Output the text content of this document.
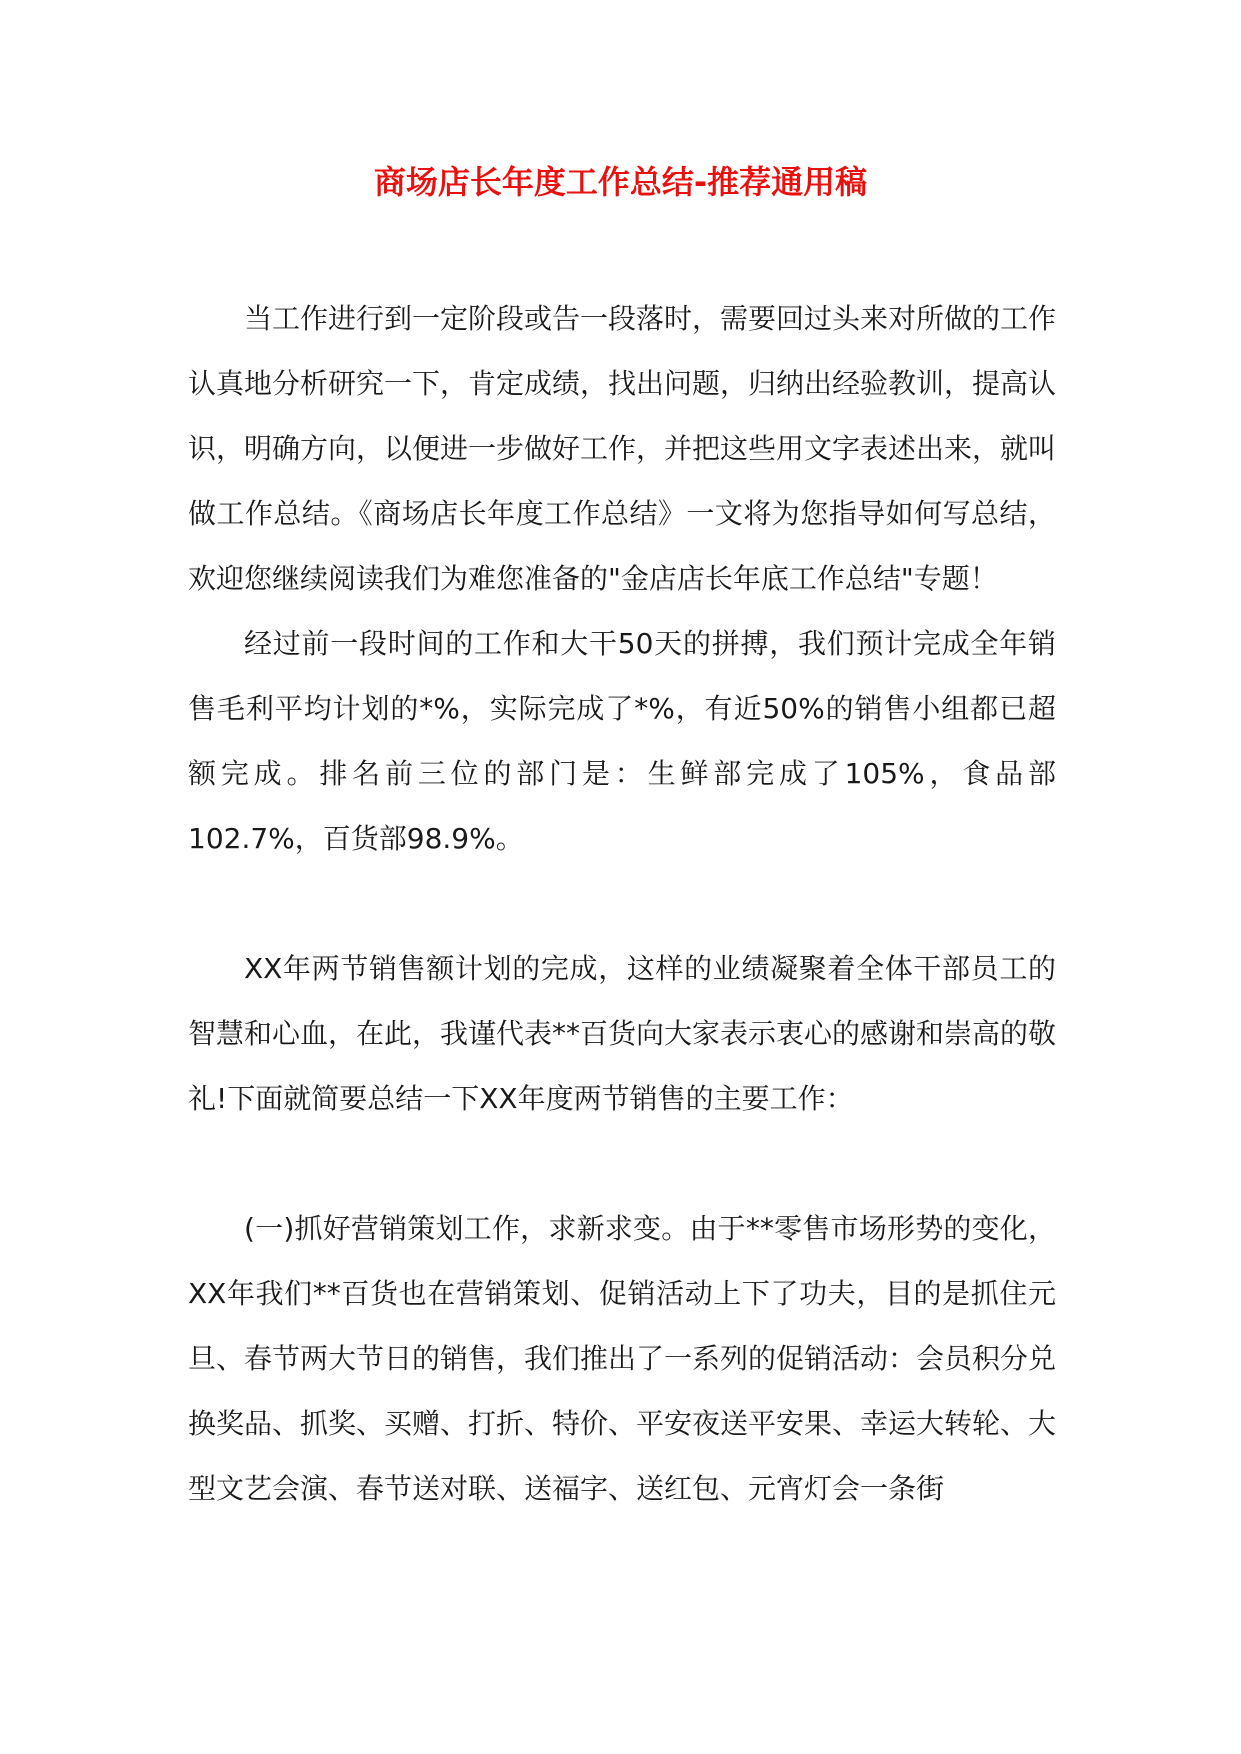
商场店长年度工作总结-推荐通用稿

当工作进行到一定阶段或告一段落时，需要回过头来对所做的工作认真地分析研究一下，肯定成绩，找出问题，归纳出经验教训，提高认识，明确方向，以便进一步做好工作，并把这些用文字表述出来，就叫做工作总结。《商场店长年度工作总结》一文将为您指导如何写总结，欢迎您继续阅读我们为难您准备的"金店店长年底工作总结"专题！

经过前一段时间的工作和大干50天的拼搏，我们预计完成全年销售毛利平均计划的*%，实际完成了*%，有近50%的销售小组都已超额完成。排名前三位的部门是：生鲜部完成了105%，食品部102.7%，百货部98.9%。

XX年两节销售额计划的完成，这样的业绩凝聚着全体干部员工的智慧和心血，在此，我谨代表**百货向大家表示衷心的感谢和崇高的敬礼!下面就简要总结一下XX年度两节销售的主要工作：

(一)抓好营销策划工作，求新求变。由于**零售市场形势的变化，XX年我们**百货也在营销策划、促销活动上下了功夫，目的是抓住元旦、春节两大节日的销售，我们推出了一系列的促销活动：会员积分兑换奖品、抓奖、买赠、打折、特价、平安夜送平安果、幸运大转轮、大型文艺会演、春节送对联、送福字、送红包、元宵灯会一条街
